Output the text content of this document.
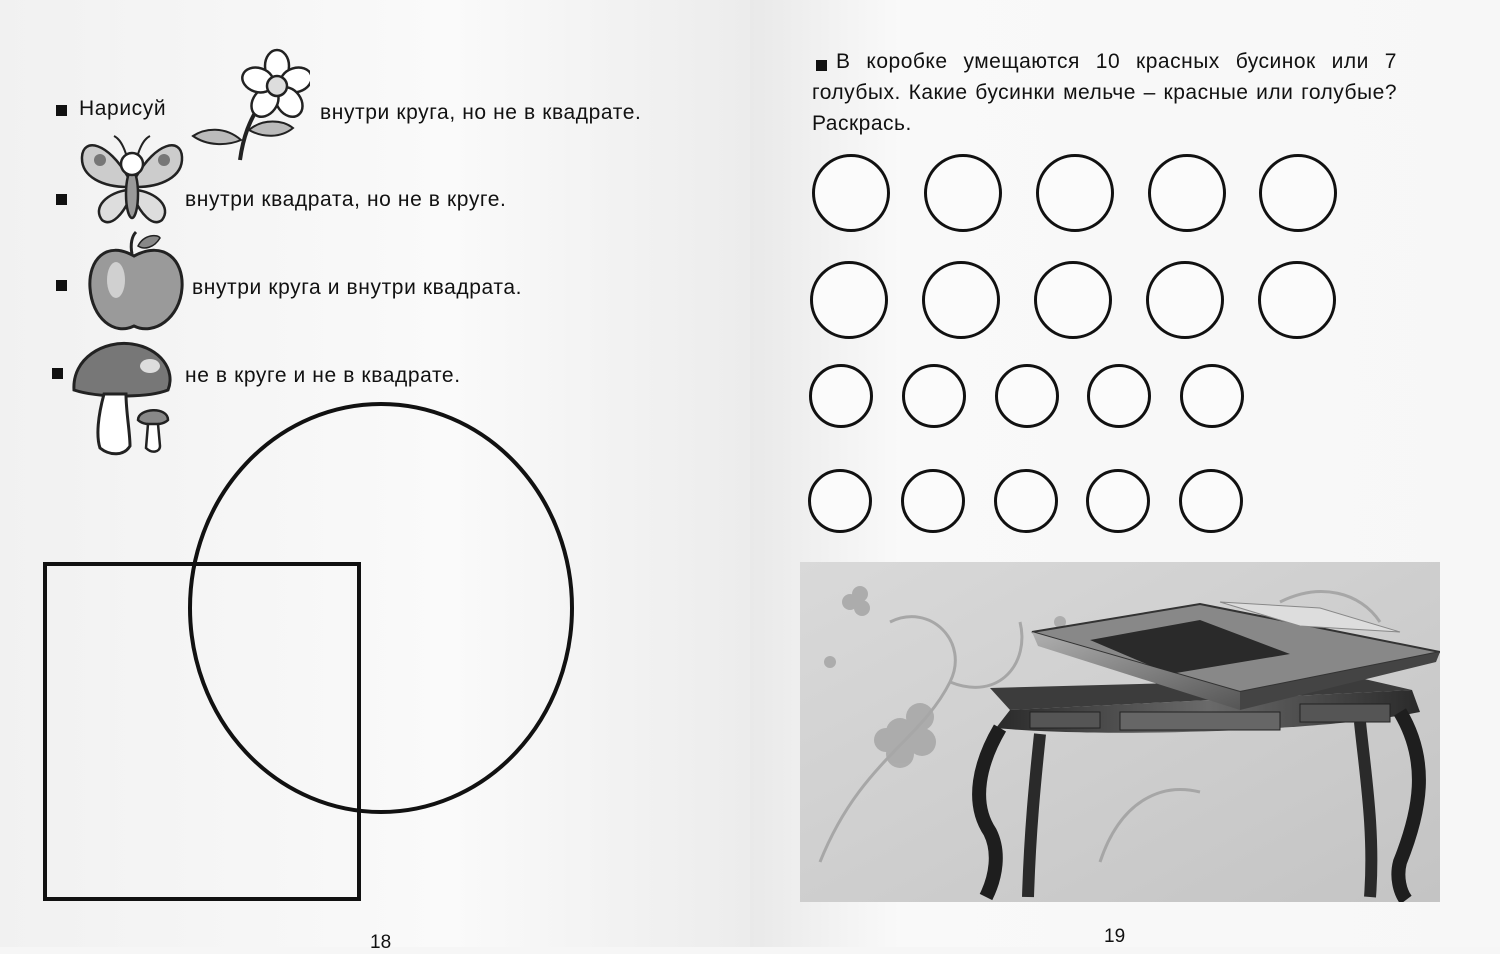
Нарисуй	внутри круга, но не в квадрате.
внутри квадрата, но не в круге.
внутри круга и внутри квадрата.
не в круге и не в квадрате.
18
В коробке умещаются 10 красных бусинок или 7 голубых. Какие бусинки мельче – красные или голубые? Раскрась.
19
